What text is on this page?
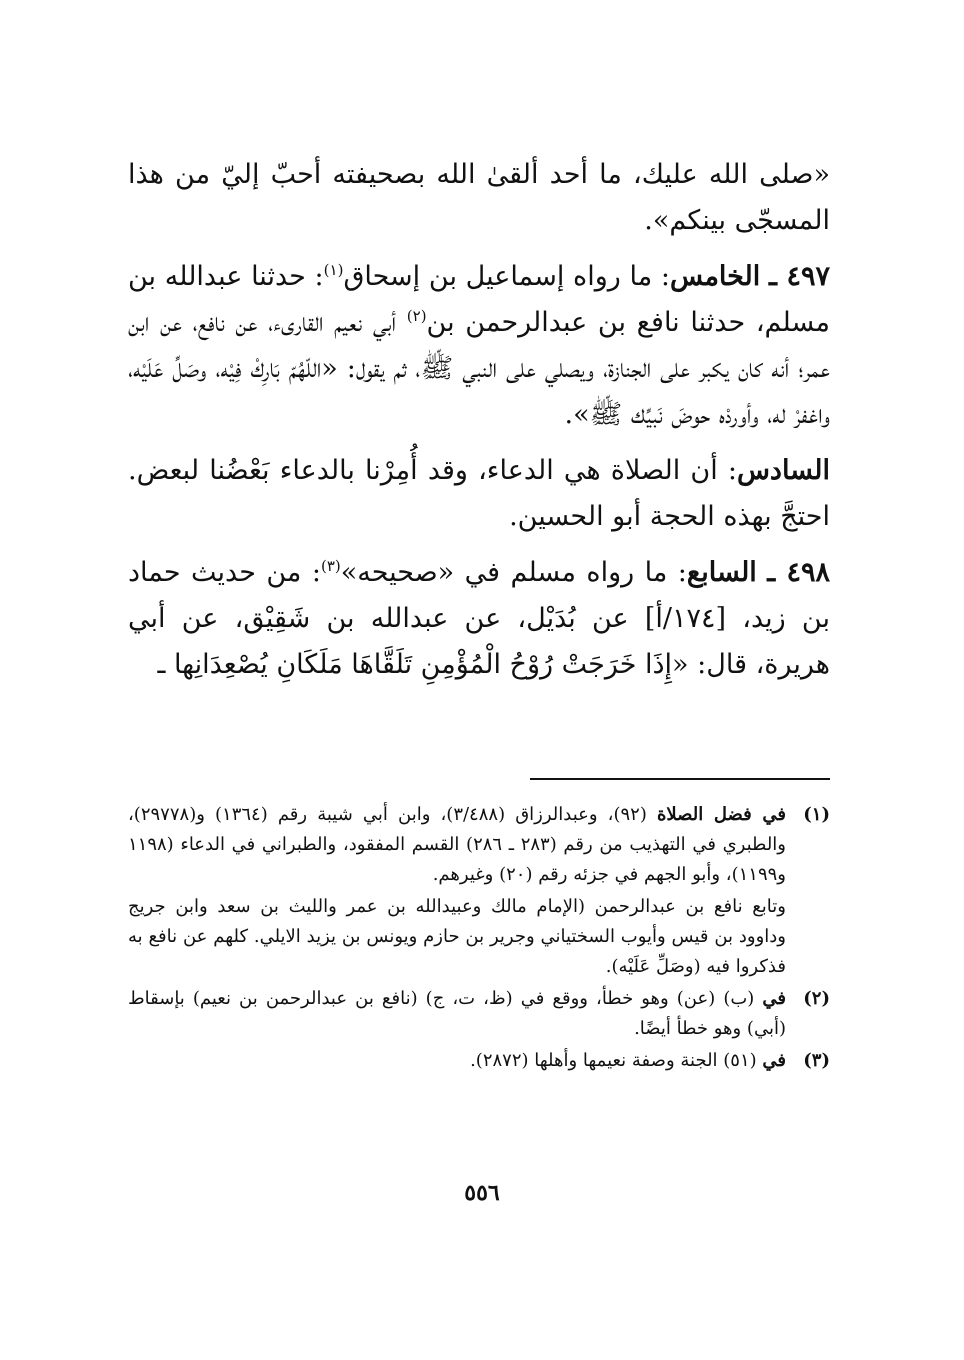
«صلى الله عليك، ما أحد ألقىٰ الله بصحيفته أحبّ إليّ من هذا المسجّى بينكم».

٤٩٧ ـ الخامس: ما رواه إسماعيل بن إسحاق$^{(١)}$: حدثنا عبدالله بن مسلم، حدثنا نافع بن عبدالرحمن بن$^{(٢)}$ أبي نعيم القارىء، عن نافع، عن ابن عمر؛ أنه كان يكبر على الجنازة، ويصلي على النبي ﷺ، ثم يقول: «اللّهُمّ بَارِكْ فِيْه، وصَلِّ عَلَيْه، واغفرْ له، وأوردْه حوضَ نَبيِّك ﷺ».

السادس: أن الصلاة هي الدعاء، وقد أُمِرْنا بالدعاء بَعْضُنا لبعض. احتجَّ بهذه الحجة أبو الحسين.

٤٩٨ ـ السابع: ما رواه مسلم في «صحيحه»$^{(٣)}$: من حديث حماد بن زيد، [١٧٤/أ] عن بُدَيْل، عن عبدالله بن شَقِيْق، عن أبي هريرة، قال: «إِذَا خَرَجَتْ رُوْحُ الْمُؤْمِنِ تَلَقَّاهَا مَلَكَانِ يُصْعِدَانِها ـ

(١)
في فضل الصلاة (٩٢)، وعبدالرزاق (٣/٤٨٨)، وابن أبي شيبة رقم (١٣٦٤) و(٢٩٧٧٨)، والطبري في التهذيب من رقم (٢٨٣ ـ ٢٨٦) القسم المفقود، والطبراني في الدعاء (١١٩٨ و١١٩٩)، وأبو الجهم في جزئه رقم (٢٠) وغيرهم.
وتابع نافع بن عبدالرحمن (الإمام مالك وعبيدالله بن عمر والليث بن سعد وابن جريج وداوود بن قيس وأيوب السختياني وجرير بن حازم ويونس بن يزيد الايلي. كلهم عن نافع به فذكروا فيه (وصَلِّ عَلَيْه).
(٢)
في (ب) (عن) وهو خطأ، ووقع في (ظ، ت، ج) (نافع بن عبدالرحمن بن نعيم) بإسقاط (أبي) وهو خطأ أيضًا.
(٣)
في (٥١) الجنة وصفة نعيمها وأهلها (٢٨٧٢).
٥٥٦
